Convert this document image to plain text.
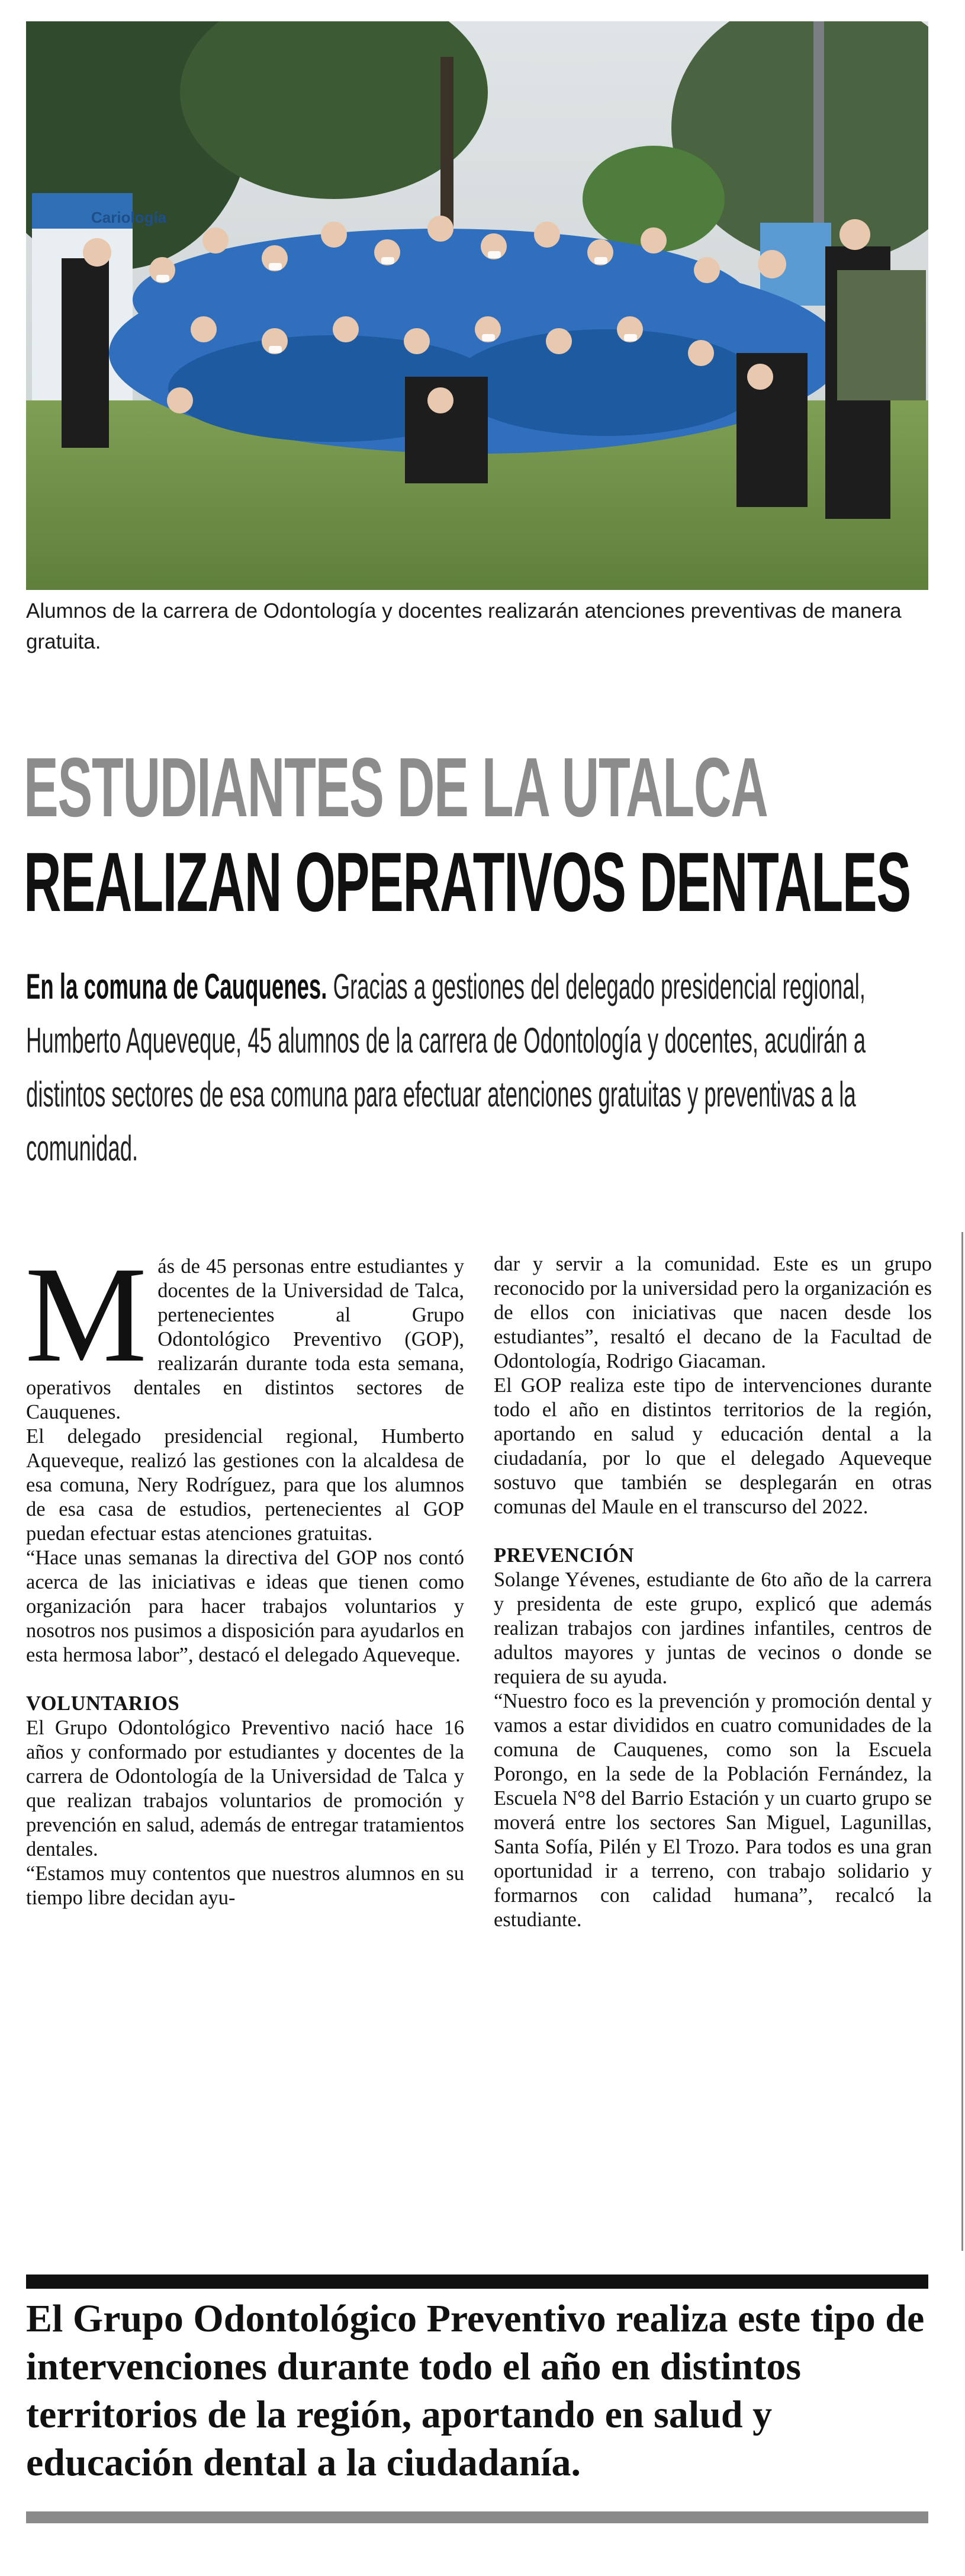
Cariología
Alumnos de la carrera de Odontología y docentes realizarán atenciones preventivas de manera gratuita.
ESTUDIANTES DE LA UTALCA
REALIZAN OPERATIVOS DENTALES
En la comuna de Cauquenes. Gracias a gestiones del delegado presidencial regional, Humberto Aqueveque, 45 alumnos de la carrera de Odontología y docentes, acudirán a distintos sectores de esa comuna para efectuar atenciones gratuitas y preventivas a la comunidad.

Más de 45 personas entre estudiantes y docentes de la Universidad de Talca, pertenecientes al Grupo Odontológico Preventivo (GOP), realizarán durante toda esta semana, operativos dentales en distintos sectores de Cauquenes.

El delegado presidencial regional, Humberto Aqueveque, realizó las gestiones con la alcaldesa de esa comuna, Nery Rodríguez, para que los alumnos de esa casa de estudios, pertenecientes al GOP puedan efectuar estas atenciones gratuitas.

“Hace unas semanas la directiva del GOP nos contó acerca de las iniciativas e ideas que tienen como organización para hacer trabajos voluntarios y nosotros nos pusimos a disposición para ayudarlos en esta hermosa labor”, destacó el delegado Aqueveque.

VOLUNTARIOS

El Grupo Odontológico Preventivo nació hace 16 años y conformado por estudiantes y docentes de la carrera de Odontología de la Universidad de Talca y que realizan trabajos voluntarios de promoción y prevención en salud, además de entregar tratamientos dentales.

“Estamos muy contentos que nuestros alumnos en su tiempo libre decidan ayu-

dar y servir a la comunidad. Este es un grupo reconocido por la universidad pero la organización es de ellos con iniciativas que nacen desde los estudiantes”, resaltó el decano de la Facultad de Odontología, Rodrigo Giacaman.

El GOP realiza este tipo de intervenciones durante todo el año en distintos territorios de la región, aportando en salud y educación dental a la ciudadanía, por lo que el delegado Aqueveque sostuvo que también se desplegarán en otras comunas del Maule en el transcurso del 2022.

PREVENCIÓN

Solange Yévenes, estudiante de 6to año de la carrera y presidenta de este grupo, explicó que además realizan trabajos con jardines infantiles, centros de adultos mayores y juntas de vecinos o donde se requiera de su ayuda.

“Nuestro foco es la prevención y promoción dental y vamos a estar divididos en cuatro comunidades de la comuna de Cauquenes, como son la Escuela Porongo, en la sede de la Población Fernández, la Escuela N°8 del Barrio Estación y un cuarto grupo se moverá entre los sectores San Miguel, Lagunillas, Santa Sofía, Pilén y El Trozo. Para todos es una gran oportunidad ir a terreno, con trabajo solidario y formarnos con calidad humana”, recalcó la estudiante.

El Grupo Odontológico Preventivo realiza este tipo de intervenciones durante todo el año en distintos territorios de la región, aportando en salud y educación dental a la ciudadanía.
